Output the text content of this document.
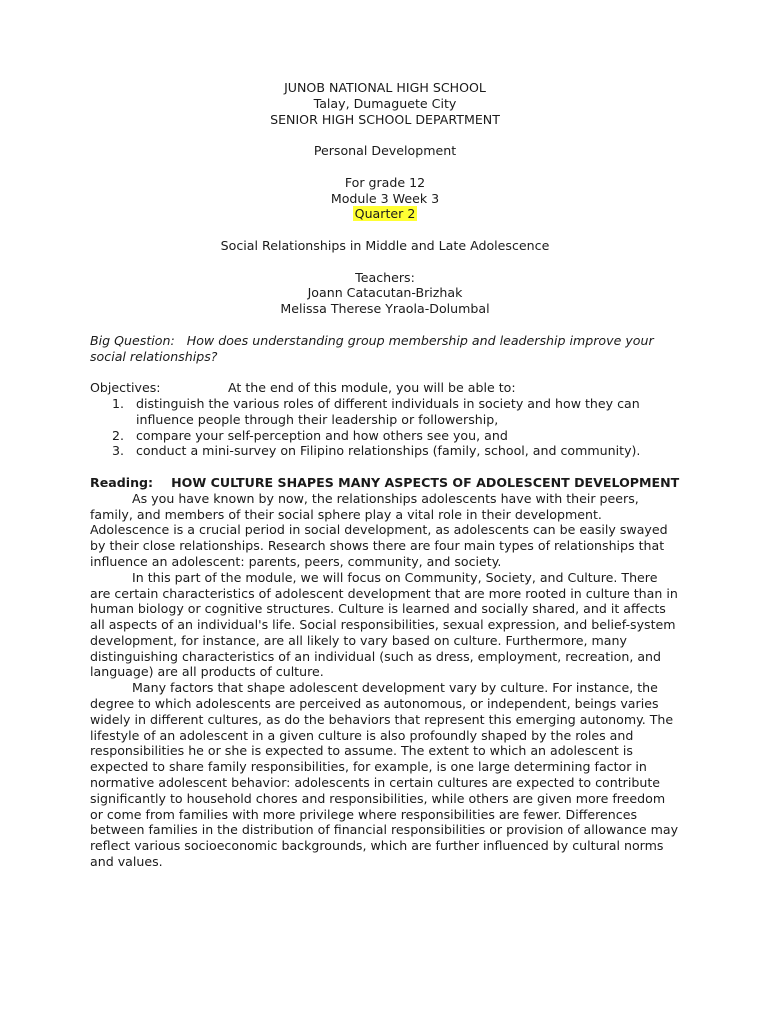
JUNOB NATIONAL HIGH SCHOOL
Talay, Dumaguete City
SENIOR HIGH SCHOOL DEPARTMENT
Personal Development
For grade 12
Module 3 Week 3
Quarter 2
Social Relationships in Middle and Late Adolescence
Teachers:
Joann Catacutan-Brizhak
Melissa Therese Yraola-Dolumbal
Big Question: How does understanding group membership and leadership improve your social relationships?
Objectives:	At the end of this module, you will be able to:
1. distinguish the various roles of different individuals in society and how they can influence people through their leadership or followership,
2. compare your self-perception and how others see you, and
3. conduct a mini-survey on Filipino relationships (family, school, and community).
Reading: HOW CULTURE SHAPES MANY ASPECTS OF ADOLESCENT DEVELOPMENT

As you have known by now, the relationships adolescents have with their peers, family, and members of their social sphere play a vital role in their development. Adolescence is a crucial period in social development, as adolescents can be easily swayed by their close relationships. Research shows there are four main types of relationships that influence an adolescent: parents, peers, community, and society.

In this part of the module, we will focus on Community, Society, and Culture. There are certain characteristics of adolescent development that are more rooted in culture than in human biology or cognitive structures. Culture is learned and socially shared, and it affects all aspects of an individual's life. Social responsibilities, sexual expression, and belief-system development, for instance, are all likely to vary based on culture. Furthermore, many distinguishing characteristics of an individual (such as dress, employment, recreation, and language) are all products of culture.

Many factors that shape adolescent development vary by culture. For instance, the degree to which adolescents are perceived as autonomous, or independent, beings varies widely in different cultures, as do the behaviors that represent this emerging autonomy. The lifestyle of an adolescent in a given culture is also profoundly shaped by the roles and responsibilities he or she is expected to assume. The extent to which an adolescent is expected to share family responsibilities, for example, is one large determining factor in normative adolescent behavior: adolescents in certain cultures are expected to contribute significantly to household chores and responsibilities, while others are given more freedom or come from families with more privilege where responsibilities are fewer. Differences between families in the distribution of financial responsibilities or provision of allowance may reflect various socioeconomic backgrounds, which are further influenced by cultural norms and values.
